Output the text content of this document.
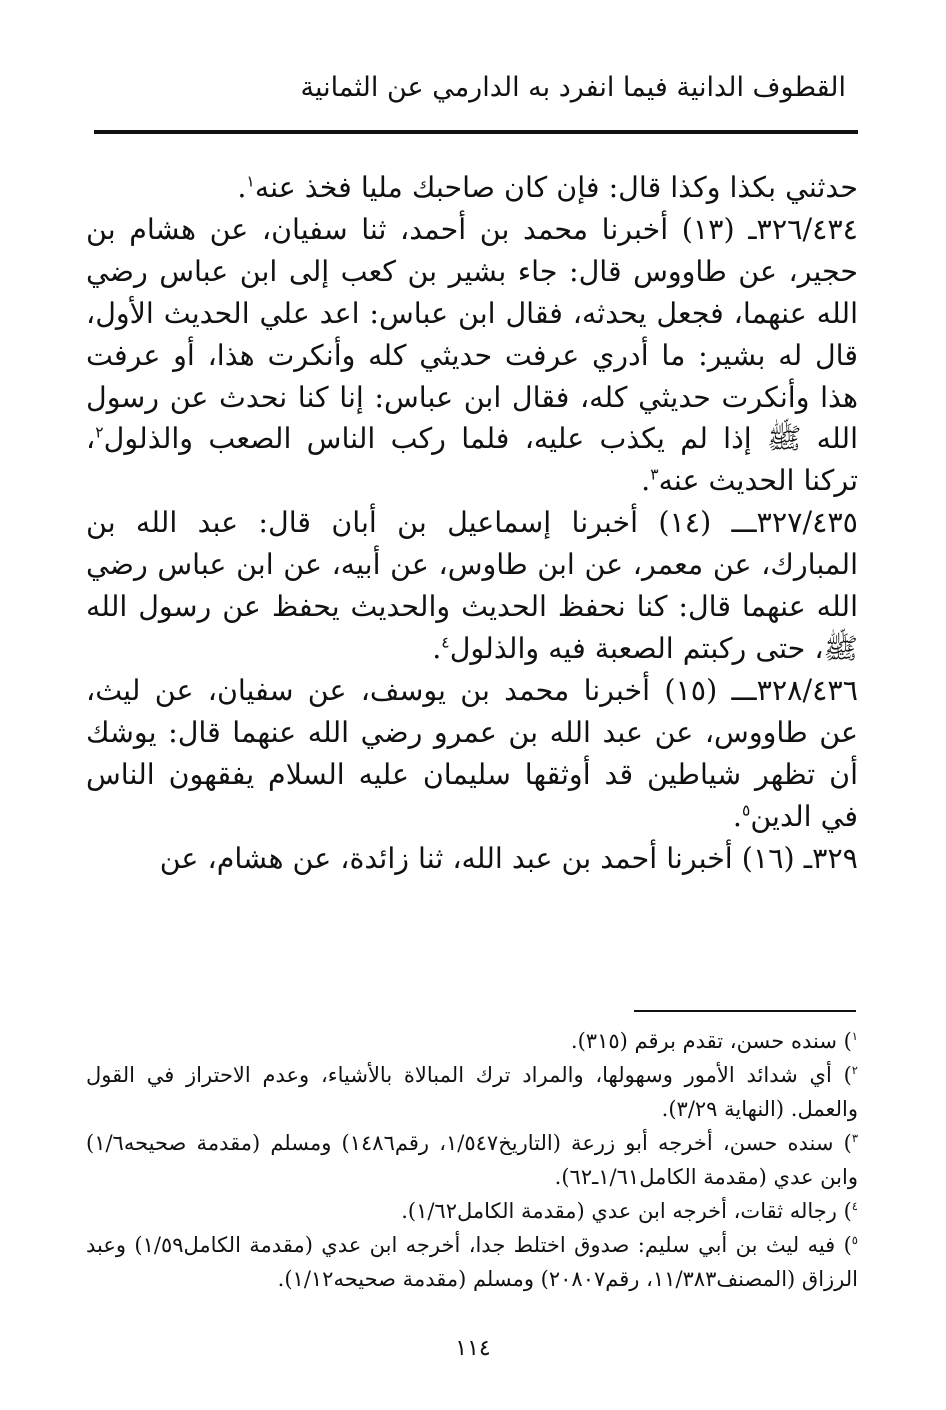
القطوف الدانية فيما انفرد به الدارمي عن الثمانية

حدثني بكذا وكذا قال: فإن كان صاحبك مليا فخذ عنه$^١$.

٣٢٦/٤٣٤ـ (١٣) أخبرنا محمد بن أحمد، ثنا سفيان، عن هشام بن حجير، عن طاووس قال: جاء بشير بن كعب إلى ابن عباس رضي الله عنهما، فجعل يحدثه، فقال ابن عباس: اعد علي الحديث الأول، قال له بشير: ما أدري عرفت حديثي كله وأنكرت هذا، أو عرفت هذا وأنكرت حديثي كله، فقال ابن عباس: إنا كنا نحدث عن رسول الله ﷺ إذا لم يكذب عليه، فلما ركب الناس الصعب والذلول$^٢$، تركنا الحديث عنه$^٣$.

٣٢٧/٤٣٥ـــ (١٤) أخبرنا إسماعيل بن أبان قال: عبد الله بن المبارك، عن معمر، عن ابن طاوس، عن أبيه، عن ابن عباس رضي الله عنهما قال: كنا نحفظ الحديث والحديث يحفظ عن رسول الله ﷺ، حتى ركبتم الصعبة فيه والذلول$^٤$.

٣٢٨/٤٣٦ـــ (١٥) أخبرنا محمد بن يوسف، عن سفيان، عن ليث، عن طاووس، عن عبد الله بن عمرو رضي الله عنهما قال: يوشك أن تظهر شياطين قد أوثقها سليمان عليه السلام يفقهون الناس في الدين$^٥$.

٣٢٩ـ (١٦) أخبرنا أحمد بن عبد الله، ثنا زائدة، عن هشام، عن

$^١$) سنده حسن، تقدم برقم (٣١٥).

$^٢$) أي شدائد الأمور وسهولها، والمراد ترك المبالاة بالأشياء، وعدم الاحتراز في القول والعمل. (النهاية ٣/٢٩).

$^٣$) سنده حسن، أخرجه أبو زرعة (التاريخ١/٥٤٧، رقم١٤٨٦) ومسلم (مقدمة صحيحه١/٦) وابن عدي (مقدمة الكامل١/٦١ـ٦٢).

$^٤$) رجاله ثقات، أخرجه ابن عدي (مقدمة الكامل١/٦٢).

$^٥$) فيه ليث بن أبي سليم: صدوق اختلط جدا، أخرجه ابن عدي (مقدمة الكامل١/٥٩) وعبد الرزاق (المصنف١١/٣٨٣، رقم٢٠٨٠٧) ومسلم (مقدمة صحيحه١/١٢).

١١٤
